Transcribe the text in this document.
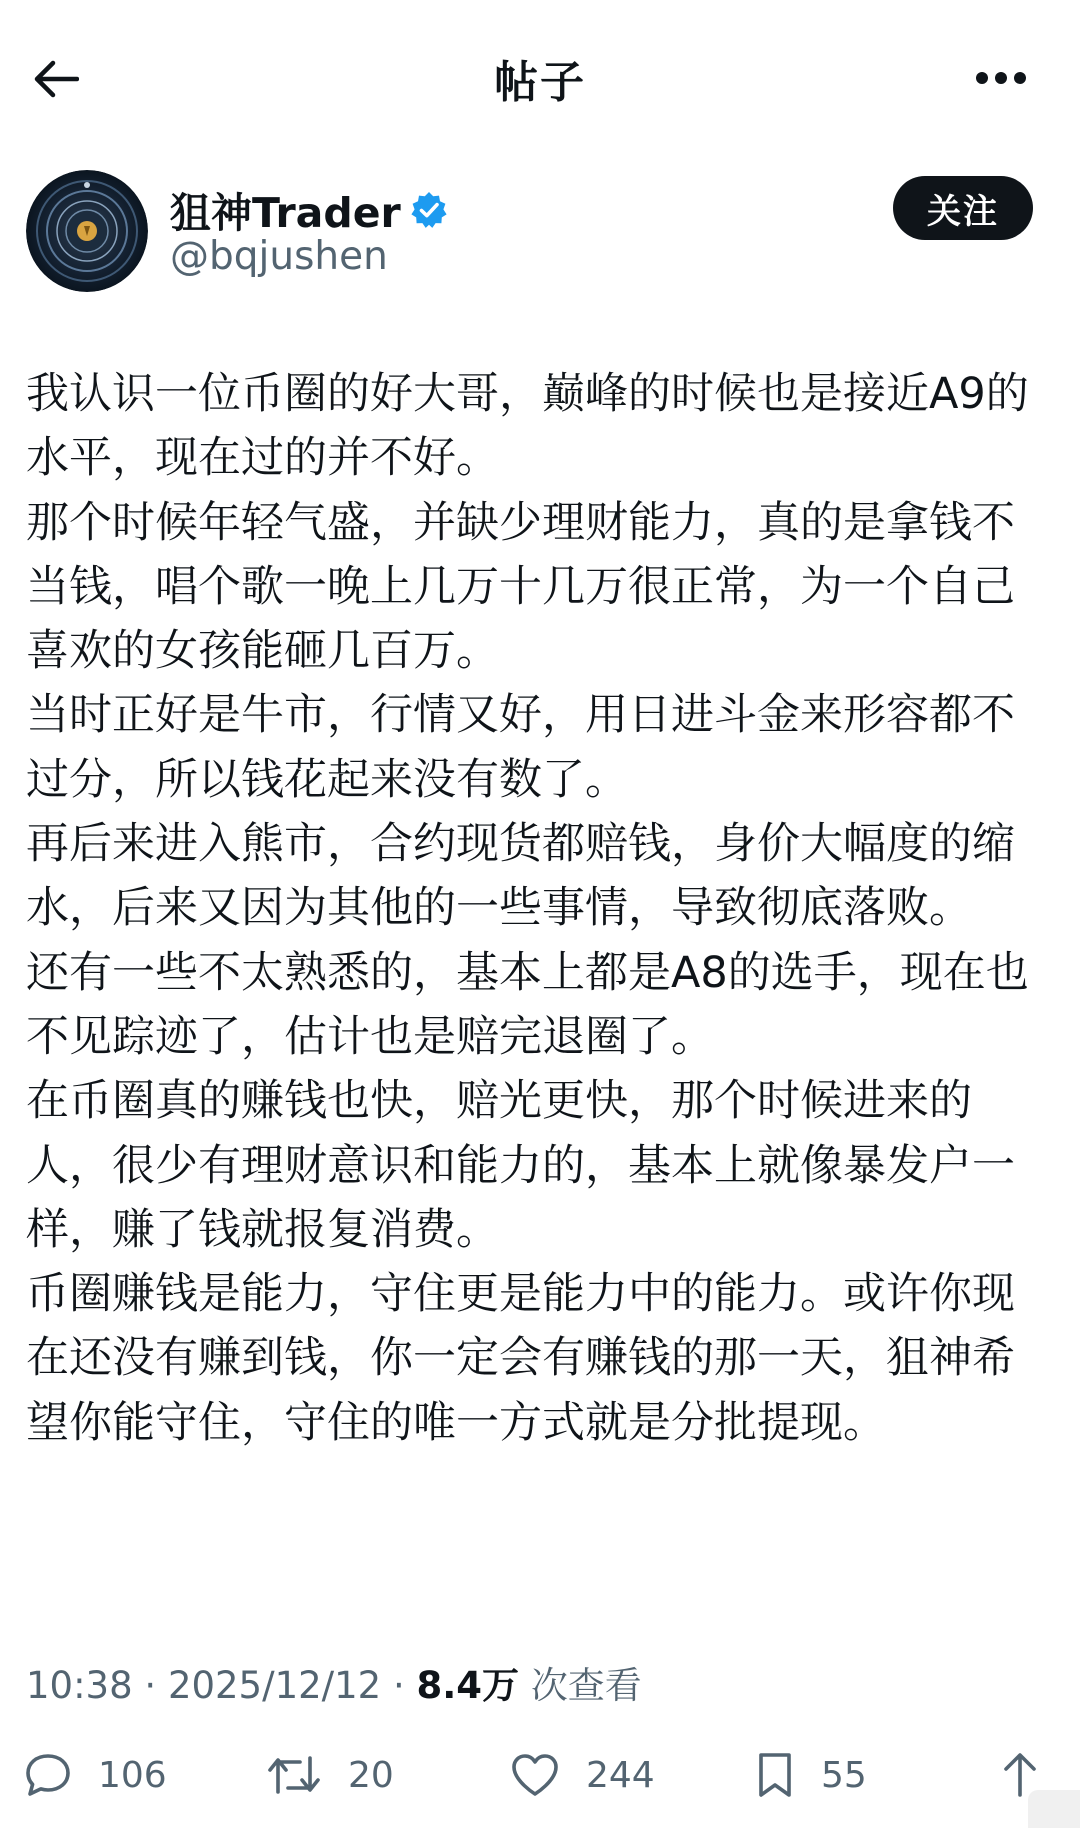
帖子
狙神Trader
@bqjushen
关注

我认识一位币圈的好大哥，巅峰的时候也是接近A9的水平，现在过的并不好。

那个时候年轻气盛，并缺少理财能力，真的是拿钱不当钱，唱个歌一晚上几万十几万很正常，为一个自己喜欢的女孩能砸几百万。

当时正好是牛市，行情又好，用日进斗金来形容都不过分，所以钱花起来没有数了。

再后来进入熊市，合约现货都赔钱，身价大幅度的缩水，后来又因为其他的一些事情，导致彻底落败。

还有一些不太熟悉的，基本上都是A8的选手，现在也不见踪迹了，估计也是赔完退圈了。

在币圈真的赚钱也快，赔光更快，那个时候进来的人，很少有理财意识和能力的，基本上就像暴发户一样，赚了钱就报复消费。

币圈赚钱是能力，守住更是能力中的能力。或许你现在还没有赚到钱，你一定会有赚钱的那一天，狙神希望你能守住，守住的唯一方式就是分批提现。

10:38 · 2025/12/12 · 8.4万 次查看
106	20	244	55
